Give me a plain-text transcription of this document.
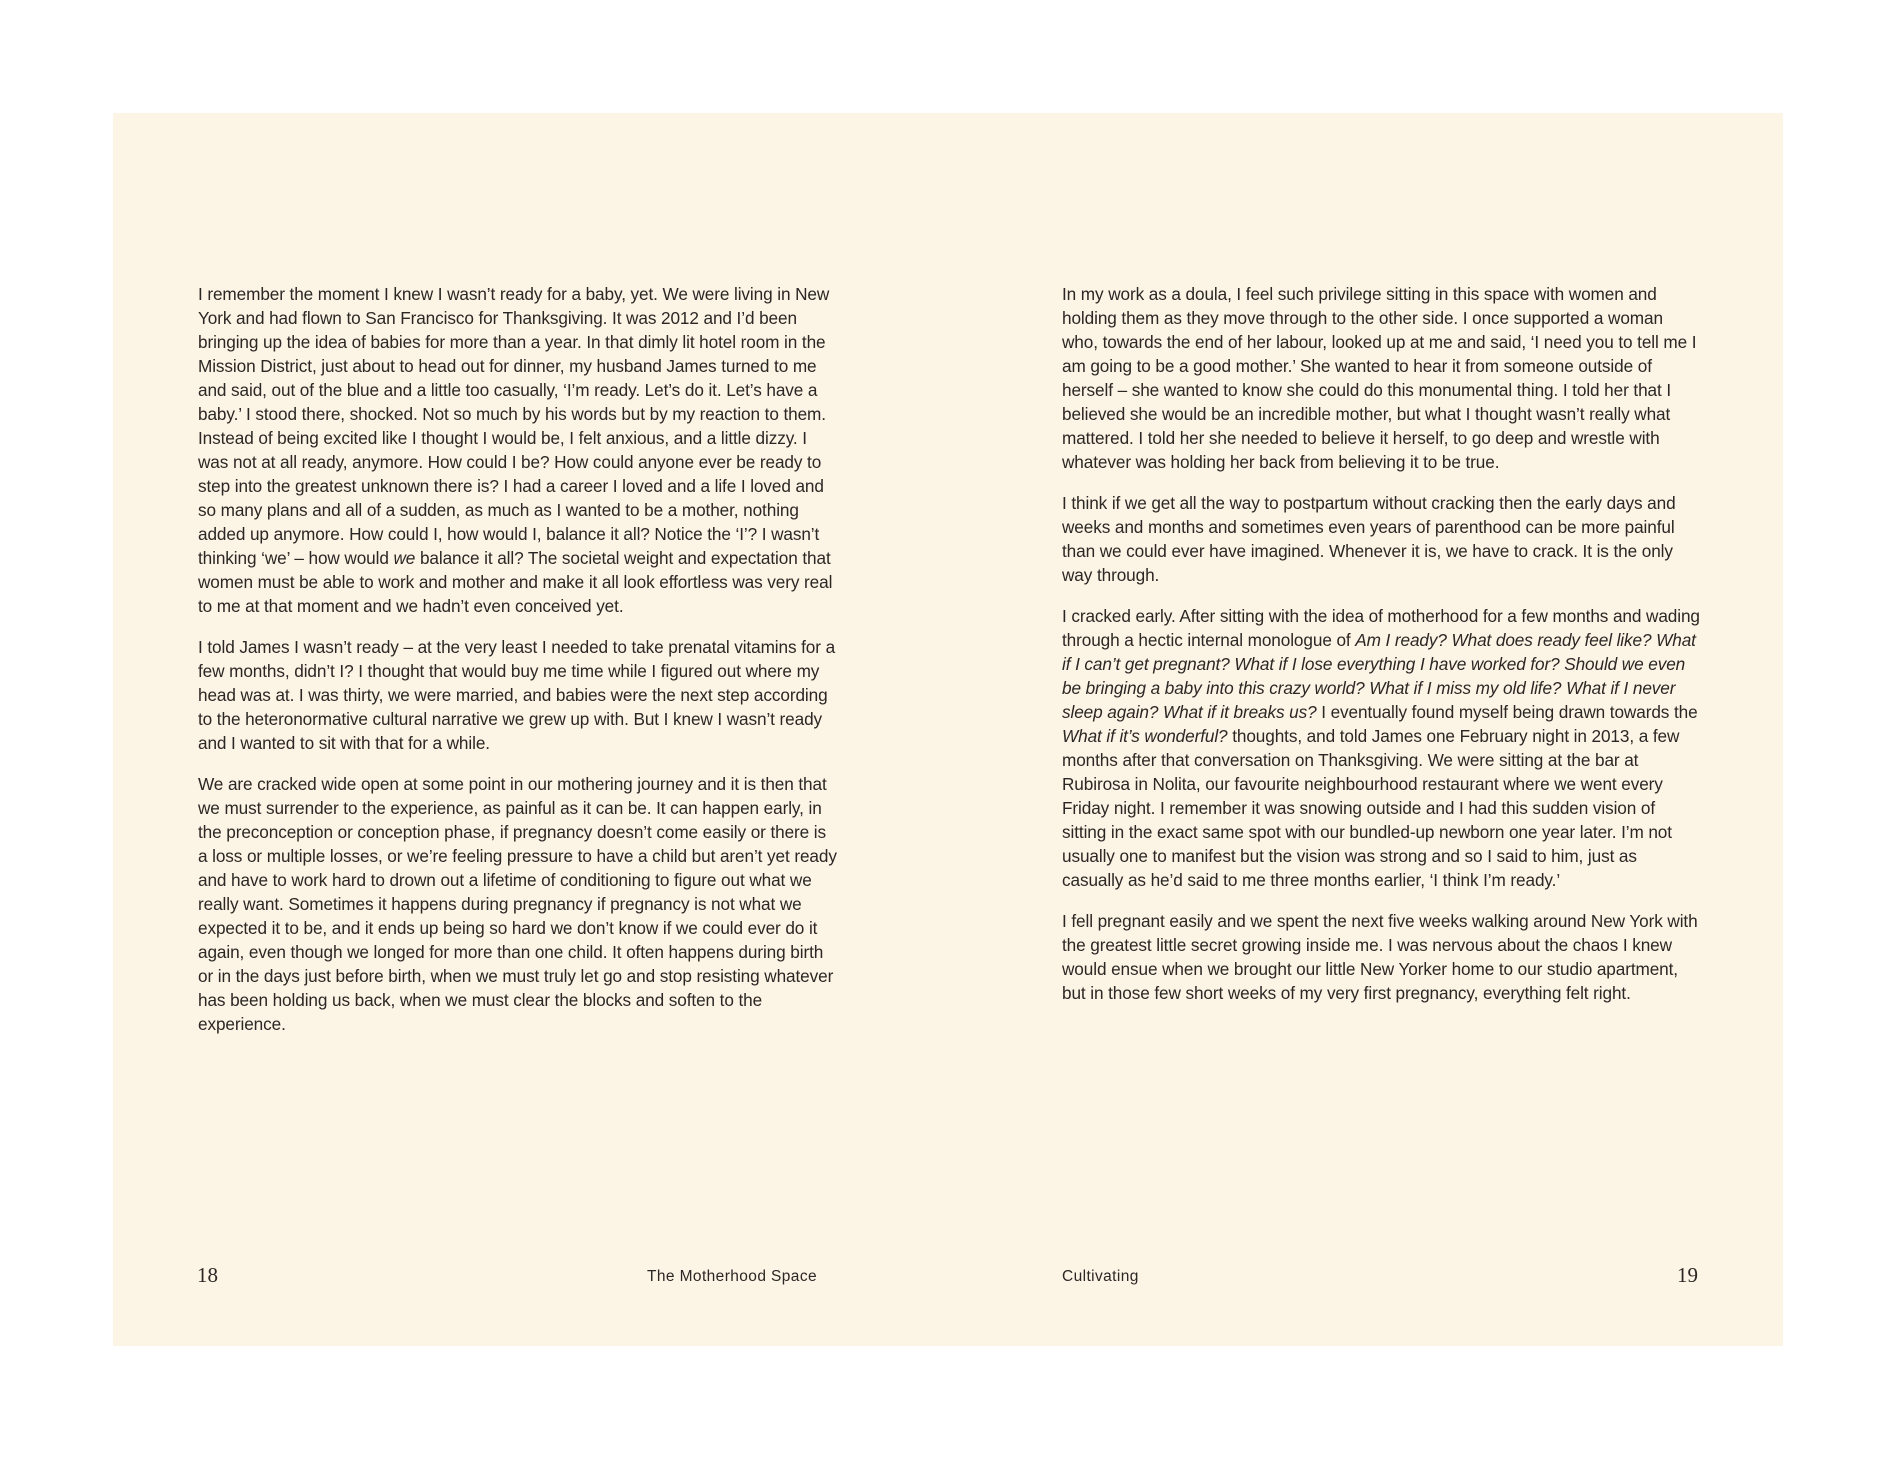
I remember the moment I knew I wasn’t ready for a baby, yet. We were living in New York and had flown to San Francisco for Thanksgiving. It was 2012 and I’d been bringing up the idea of babies for more than a year. In that dimly lit hotel room in the Mission District, just about to head out for dinner, my husband James turned to me and said, out of the blue and a little too casually, ‘I’m ready. Let’s do it. Let’s have a baby.’ I stood there, shocked. Not so much by his words but by my reaction to them. Instead of being excited like I thought I would be, I felt anxious, and a little dizzy. I was not at all ready, anymore. How could I be? How could anyone ever be ready to step into the greatest unknown there is? I had a career I loved and a life I loved and so many plans and all of a sudden, as much as I wanted to be a mother, nothing added up anymore. How could I, how would I, balance it all? Notice the ‘I’? I wasn’t thinking ‘we’ – how would we balance it all? The societal weight and expectation that women must be able to work and mother and make it all look effortless was very real to me at that moment and we hadn’t even conceived yet.

I told James I wasn’t ready – at the very least I needed to take prenatal vitamins for a few months, didn’t I? I thought that would buy me time while I figured out where my head was at. I was thirty, we were married, and babies were the next step according to the heteronormative cultural narrative we grew up with. But I knew I wasn’t ready and I wanted to sit with that for a while.

We are cracked wide open at some point in our mothering journey and it is then that we must surrender to the experience, as painful as it can be. It can happen early, in the preconception or conception phase, if pregnancy doesn’t come easily or there is a loss or multiple losses, or we’re feeling pressure to have a child but aren’t yet ready and have to work hard to drown out a lifetime of conditioning to figure out what we really want. Sometimes it happens during pregnancy if pregnancy is not what we expected it to be, and it ends up being so hard we don’t know if we could ever do it again, even though we longed for more than one child. It often happens during birth or in the days just before birth, when we must truly let go and stop resisting whatever has been holding us back, when we must clear the blocks and soften to the experience.

In my work as a doula, I feel such privilege sitting in this space with women and holding them as they move through to the other side. I once supported a woman who, towards the end of her labour, looked up at me and said, ‘I need you to tell me I am going to be a good mother.’ She wanted to hear it from someone outside of herself – she wanted to know she could do this monumental thing. I told her that I believed she would be an incredible mother, but what I thought wasn’t really what mattered. I told her she needed to believe it herself, to go deep and wrestle with whatever was holding her back from believing it to be true.

I think if we get all the way to postpartum without cracking then the early days and weeks and months and sometimes even years of parenthood can be more painful than we could ever have imagined. Whenever it is, we have to crack. It is the only way through.

I cracked early. After sitting with the idea of motherhood for a few months and wading through a hectic internal monologue of Am I ready? What does ready feel like? What if I can’t get pregnant? What if I lose everything I have worked for? Should we even be bringing a baby into this crazy world? What if I miss my old life? What if I never sleep again? What if it breaks us? I eventually found myself being drawn towards the What if it’s wonderful? thoughts, and told James one February night in 2013, a few months after that conversation on Thanksgiving. We were sitting at the bar at Rubirosa in Nolita, our favourite neighbourhood restaurant where we went every Friday night. I remember it was snowing outside and I had this sudden vision of sitting in the exact same spot with our bundled-up newborn one year later. I’m not usually one to manifest but the vision was strong and so I said to him, just as casually as he’d said to me three months earlier, ‘I think I’m ready.’

I fell pregnant easily and we spent the next five weeks walking around New York with the greatest little secret growing inside me. I was nervous about the chaos I knew would ensue when we brought our little New Yorker home to our studio apartment, but in those few short weeks of my very first pregnancy, everything felt right.

18	The Motherhood Space	Cultivating	19
